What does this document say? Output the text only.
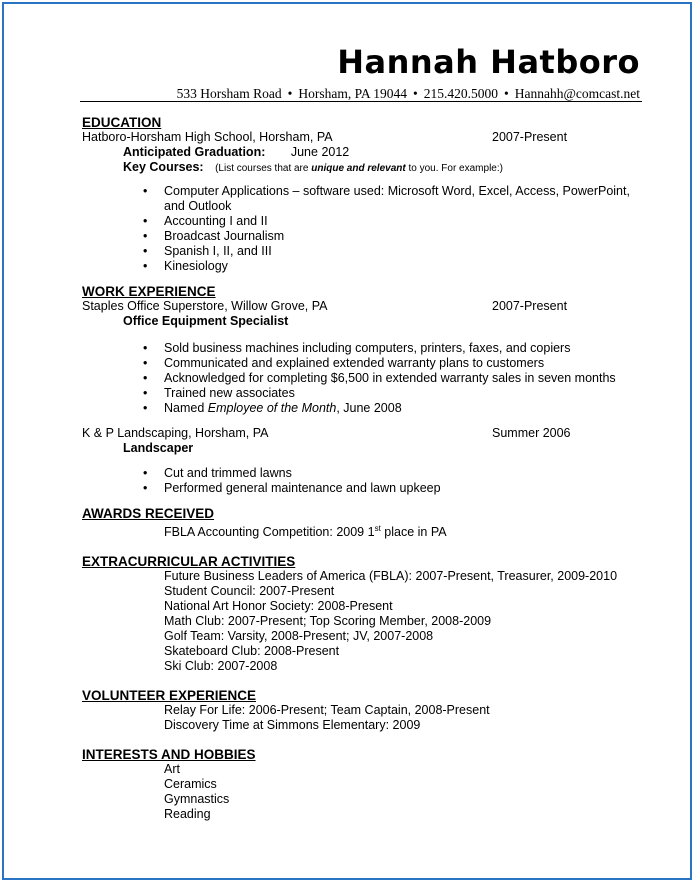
Hannah Hatboro
533 Horsham Road • Horsham, PA 19044 • 215.420.5000 • Hannahh@comcast.net
EDUCATION
Hatboro-Horsham High School, Horsham, PA	2007-Present
Anticipated Graduation: June 2012
Key Courses: (List courses that are unique and relevant to you. For example:)
• Computer Applications – software used: Microsoft Word, Excel, Access, PowerPoint, and Outlook
• Accounting I and II
• Broadcast Journalism
• Spanish I, II, and III
• Kinesiology
WORK EXPERIENCE
Staples Office Superstore, Willow Grove, PA	2007-Present
Office Equipment Specialist
• Sold business machines including computers, printers, faxes, and copiers
• Communicated and explained extended warranty plans to customers
• Acknowledged for completing $6,500 in extended warranty sales in seven months
• Trained new associates
• Named Employee of the Month, June 2008
K & P Landscaping, Horsham, PA	Summer 2006
Landscaper
• Cut and trimmed lawns
• Performed general maintenance and lawn upkeep
AWARDS RECEIVED
FBLA Accounting Competition: 2009 1st place in PA
EXTRACURRICULAR ACTIVITIES
Future Business Leaders of America (FBLA): 2007-Present, Treasurer, 2009-2010
Student Council: 2007-Present
National Art Honor Society: 2008-Present
Math Club: 2007-Present; Top Scoring Member, 2008-2009
Golf Team: Varsity, 2008-Present; JV, 2007-2008
Skateboard Club: 2008-Present
Ski Club: 2007-2008
VOLUNTEER EXPERIENCE
Relay For Life: 2006-Present; Team Captain, 2008-Present
Discovery Time at Simmons Elementary: 2009
INTERESTS AND HOBBIES
Art
Ceramics
Gymnastics
Reading
